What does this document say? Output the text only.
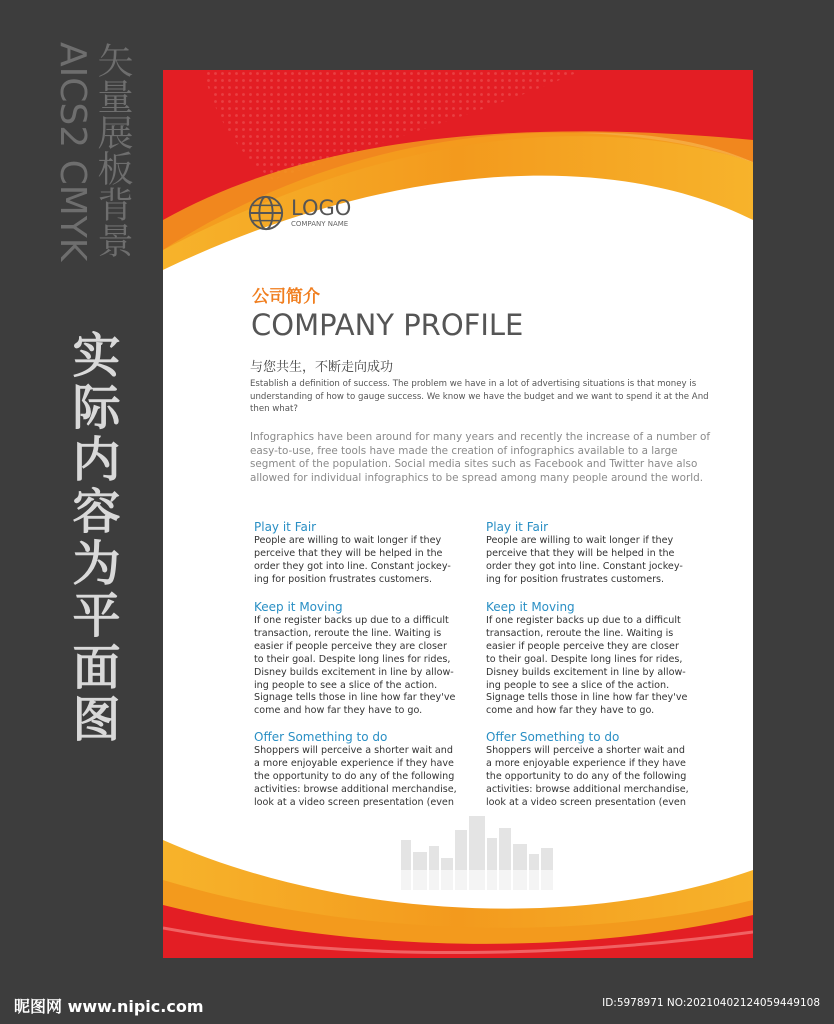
矢量展板背景
AICS2 CMYK
实际内容为平面图
LOGO
COMPANY NAME
公司简介
COMPANY PROFILE
与您共生，不断走向成功
Establish a definition of success. The problem we have in a lot of advertising situations is that money is understanding of how to gauge success. We know we have the budget and we want to spend it at the And then what?
Infographics have been around for many years and recently the increase of a number of easy-to-use, free tools have made the creation of infographics available to a large segment of the population. Social media sites such as Facebook and Twitter have also allowed for individual infographics to be spread among many people around the world.
Play it Fair

People are willing to wait longer if they
perceive that they will be helped in the
order they got into line. Constant jockey-
ing for position frustrates customers.

Keep it Moving

If one register backs up due to a difficult
transaction, reroute the line. Waiting is
easier if people perceive they are closer
to their goal. Despite long lines for rides,
Disney builds excitement in line by allow-
ing people to see a slice of the action.
Signage tells those in line how far they've
come and how far they have to go.

Offer Something to do

Shoppers will perceive a shorter wait and
a more enjoyable experience if they have
the opportunity to do any of the following
activities: browse additional merchandise,
look at a video screen presentation (even

Play it Fair

People are willing to wait longer if they
perceive that they will be helped in the
order they got into line. Constant jockey-
ing for position frustrates customers.

Keep it Moving

If one register backs up due to a difficult
transaction, reroute the line. Waiting is
easier if people perceive they are closer
to their goal. Despite long lines for rides,
Disney builds excitement in line by allow-
ing people to see a slice of the action.
Signage tells those in line how far they've
come and how far they have to go.

Offer Something to do

Shoppers will perceive a shorter wait and
a more enjoyable experience if they have
the opportunity to do any of the following
activities: browse additional merchandise,
look at a video screen presentation (even

昵图网 www.nipic.com	ID:5978971 NO:20210402124059449108
